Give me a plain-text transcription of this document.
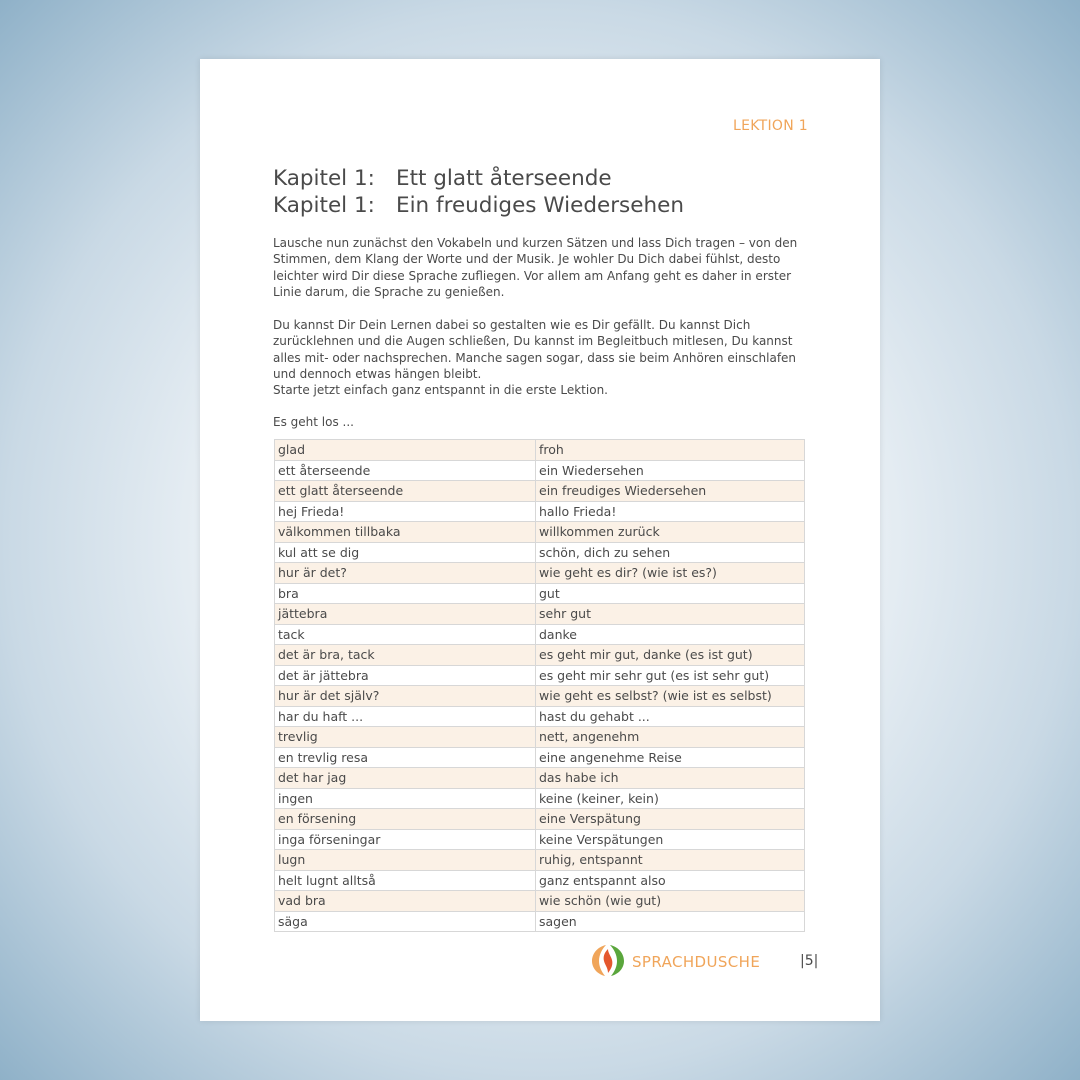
LEKTION 1
Kapitel 1: Ett glatt återseende
Kapitel 1: Ein freudiges Wiedersehen
Lausche nun zunächst den Vokabeln und kurzen Sätzen und lass Dich tragen – von den Stimmen, dem Klang der Worte und der Musik. Je wohler Du Dich dabei fühlst, desto leichter wird Dir diese Sprache zufliegen. Vor allem am Anfang geht es daher in erster Linie darum, die Sprache zu genießen.
Du kannst Dir Dein Lernen dabei so gestalten wie es Dir gefällt. Du kannst Dich zurücklehnen und die Augen schließen, Du kannst im Begleitbuch mitlesen, Du kannst alles mit- oder nachsprechen. Manche sagen sogar, dass sie beim Anhören einschlafen und dennoch etwas hängen bleibt.
Starte jetzt einfach ganz entspannt in die erste Lektion.
Es geht los ...
glad	froh
ett återseende	ein Wiedersehen
ett glatt återseende	ein freudiges Wiedersehen
hej Frieda!	hallo Frieda!
välkommen tillbaka	willkommen zurück
kul att se dig	schön, dich zu sehen
hur är det?	wie geht es dir? (wie ist es?)
bra	gut
jättebra	sehr gut
tack	danke
det är bra, tack	es geht mir gut, danke (es ist gut)
det är jättebra	es geht mir sehr gut (es ist sehr gut)
hur är det själv?	wie geht es selbst? (wie ist es selbst)
har du haft ...	hast du gehabt ...
trevlig	nett, angenehm
en trevlig resa	eine angenehme Reise
det har jag	das habe ich
ingen	keine (keiner, kein)
en försening	eine Verspätung
inga förseningar	keine Verspätungen
lugn	ruhig, entspannt
helt lugnt alltså	ganz entspannt also
vad bra	wie schön (wie gut)
säga	sagen
SPRACHDUSCHE	|5|
